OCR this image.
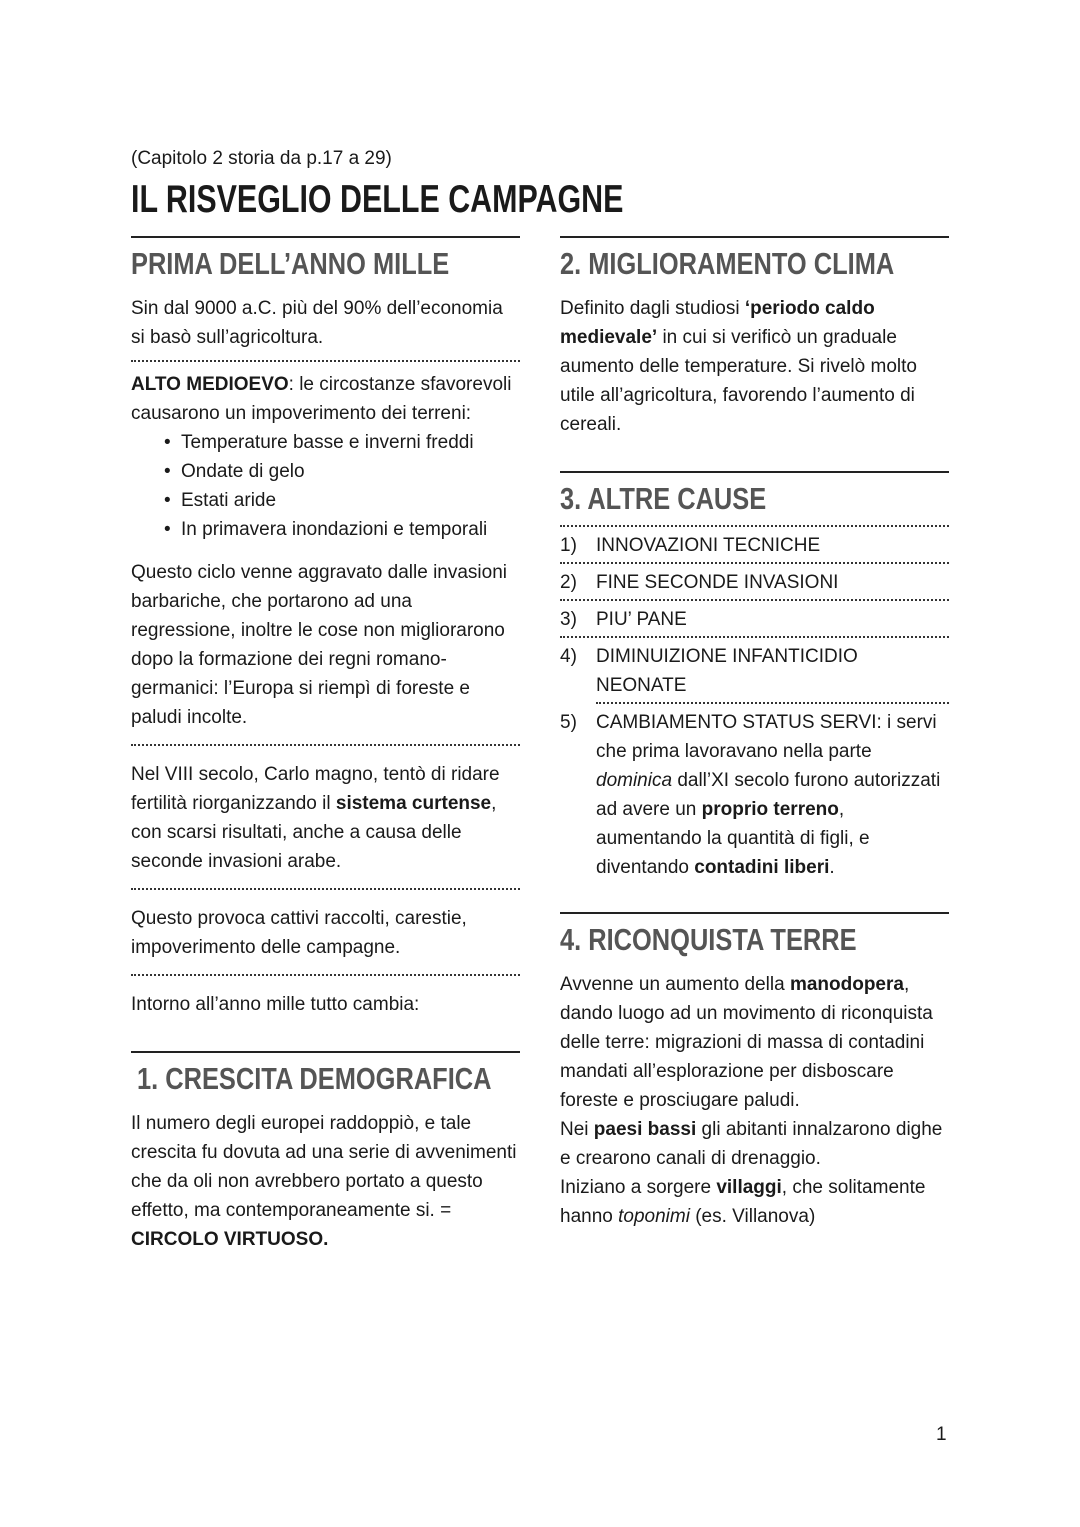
(Capitolo 2 storia da p.17 a 29)
IL RISVEGLIO DELLE CAMPAGNE
PRIMA DELL’ANNO MILLE

Sin dal 9000 a.C. più del 90% dell’economia si basò sull’agricoltura.

ALTO MEDIOEVO: le circostanze sfavorevoli causarono un impoverimento dei terreni:

• Temperature basse e inverni freddi
• Ondate di gelo
• Estati aride
• In primavera inondazioni e temporali

Questo ciclo venne aggravato dalle invasioni barbariche, che portarono ad una regressione, inoltre le cose non migliorarono dopo la formazione dei regni romano-germanici: l’Europa si riempì di foreste e paludi incolte.

Nel VIII secolo, Carlo magno, tentò di ridare fertilità riorganizzando il sistema curtense, con scarsi risultati, anche a causa delle seconde invasioni arabe.

Questo provoca cattivi raccolti, carestie, impoverimento delle campagne.

Intorno all’anno mille tutto cambia:

1. CRESCITA DEMOGRAFICA

Il numero degli europei raddoppiò, e tale crescita fu dovuta ad una serie di avvenimenti che da oli non avrebbero portato a questo effetto, ma contemporaneamente si. = CIRCOLO VIRTUOSO.

2. MIGLIORAMENTO CLIMA

Definito dagli studiosi ‘periodo caldo medievale’ in cui si verificò un graduale aumento delle temperature. Si rivelò molto utile all’agricoltura, favorendo l’aumento di cereali.

3. ALTRE CAUSE
1)	INNOVAZIONI TECNICHE
2)	FINE SECONDE INVASIONI
3)	PIU’ PANE
4)	DIMINUIZIONE INFANTICIDIO NEONATE
5)	CAMBIAMENTO STATUS SERVI: i servi che prima lavoravano nella parte dominica dall’XI secolo furono autorizzati ad avere un proprio terreno, aumentando la quantità di figli, e diventando contadini liberi.
4. RICONQUISTA TERRE

Avvenne un aumento della manodopera, dando luogo ad un movimento di riconquista delle terre: migrazioni di massa di contadini mandati all’esplorazione per disboscare foreste e prosciugare paludi.

Nei paesi bassi gli abitanti innalzarono dighe e crearono canali di drenaggio.

Iniziano a sorgere villaggi, che solitamente hanno toponimi (es. Villanova)

1
